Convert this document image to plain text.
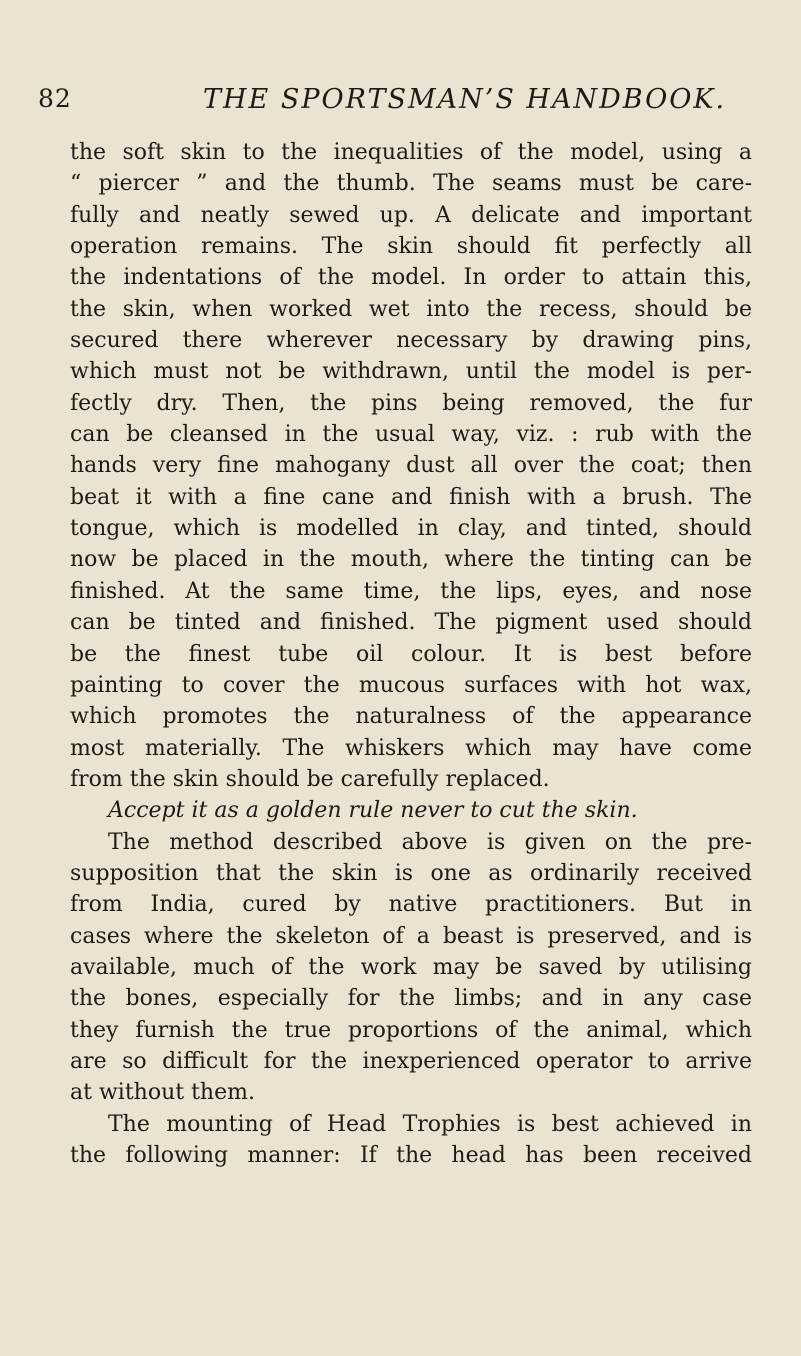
82	THE SPORTSMAN’S HANDBOOK.
the soft skin to the inequalities of the model, using a
“ piercer ” and the thumb. The seams must be care-
fully and neatly sewed up. A delicate and important
operation remains. The skin should fit perfectly all
the indentations of the model. In order to attain this,
the skin, when worked wet into the recess, should be
secured there wherever necessary by drawing pins,
which must not be withdrawn, until the model is per-
fectly dry. Then, the pins being removed, the fur
can be cleansed in the usual way, viz. : rub with the
hands very fine mahogany dust all over the coat; then
beat it with a fine cane and finish with a brush. The
tongue, which is modelled in clay, and tinted, should
now be placed in the mouth, where the tinting can be
finished. At the same time, the lips, eyes, and nose
can be tinted and finished. The pigment used should
be the finest tube oil colour. It is best before
painting to cover the mucous surfaces with hot wax,
which promotes the naturalness of the appearance
most materially. The whiskers which may have come
from the skin should be carefully replaced.
Accept it as a golden rule never to cut the skin.
The method described above is given on the pre-
supposition that the skin is one as ordinarily received
from India, cured by native practitioners. But in
cases where the skeleton of a beast is preserved, and is
available, much of the work may be saved by utilising
the bones, especially for the limbs; and in any case
they furnish the true proportions of the animal, which
are so difficult for the inexperienced operator to arrive
at without them.
The mounting of Head Trophies is best achieved in
the following manner: If the head has been received
